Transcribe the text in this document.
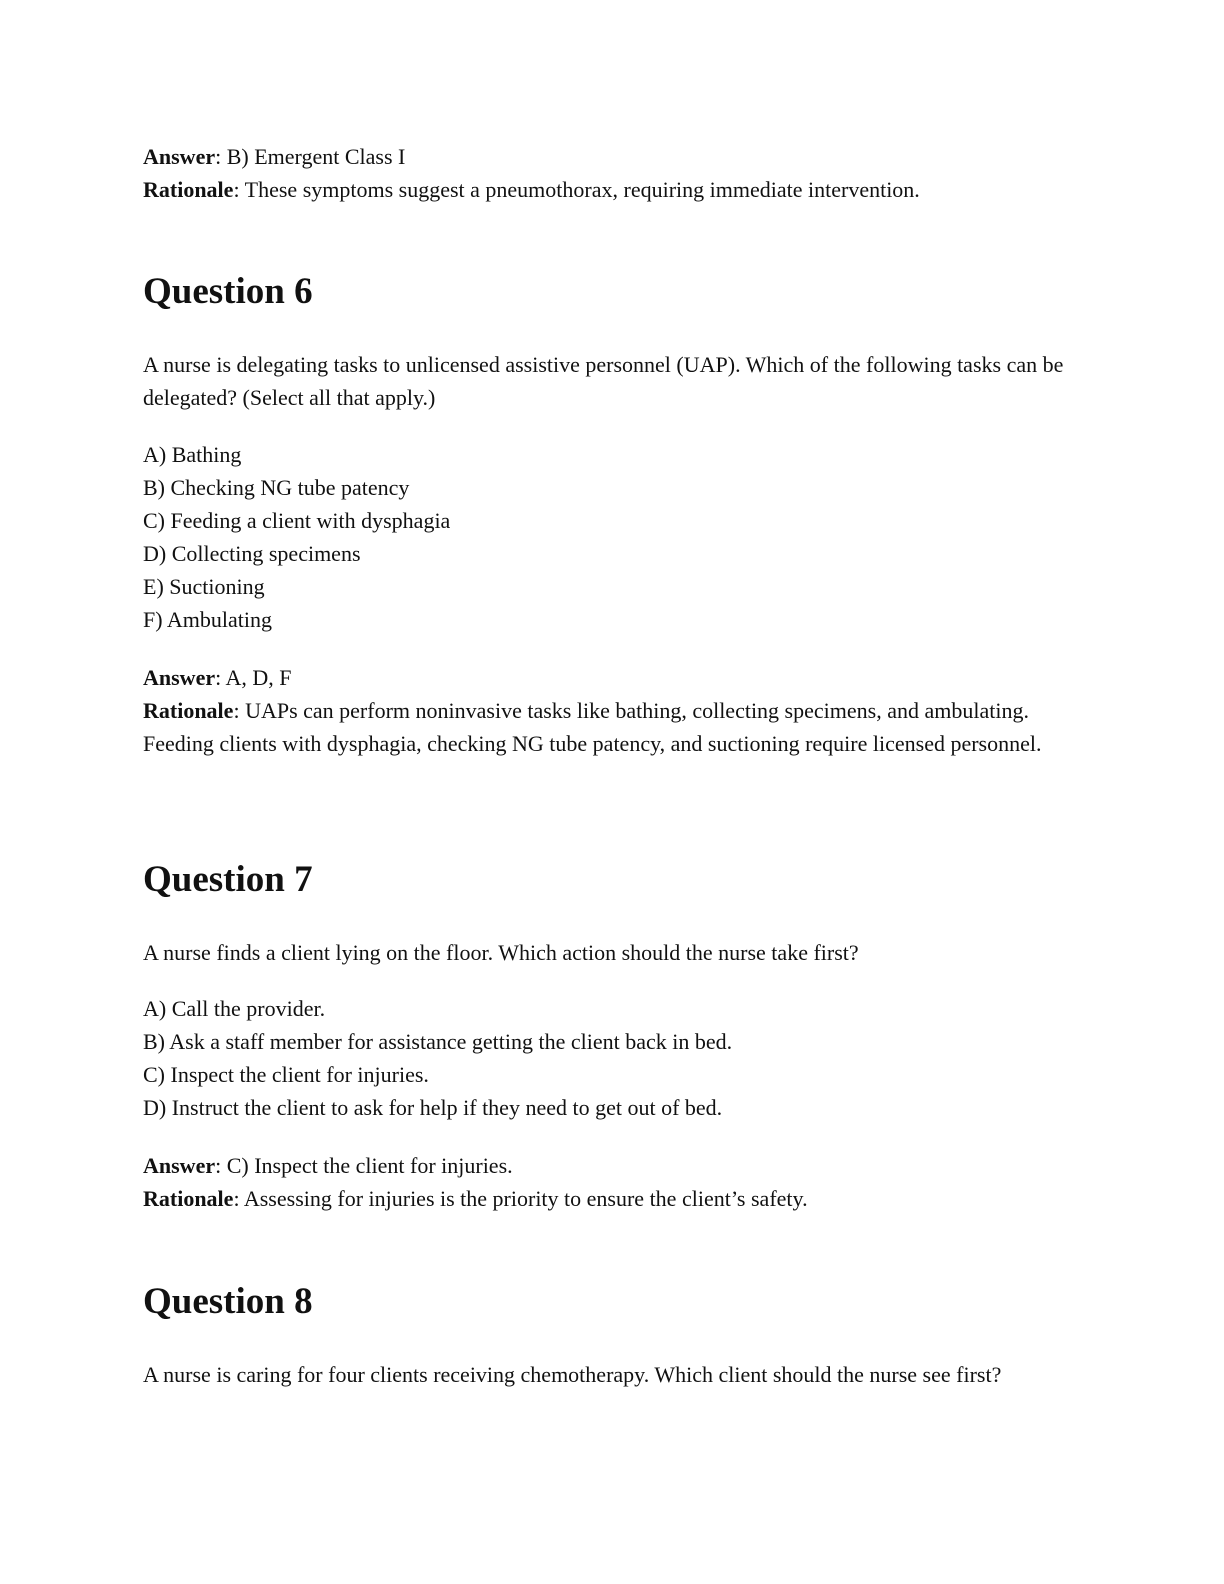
Answer: B) Emergent Class I
Rationale: These symptoms suggest a pneumothorax, requiring immediate intervention.
Question 6
A nurse is delegating tasks to unlicensed assistive personnel (UAP). Which of the following tasks can be delegated? (Select all that apply.)
A) Bathing
B) Checking NG tube patency
C) Feeding a client with dysphagia
D) Collecting specimens
E) Suctioning
F) Ambulating
Answer: A, D, F
Rationale: UAPs can perform noninvasive tasks like bathing, collecting specimens, and ambulating. Feeding clients with dysphagia, checking NG tube patency, and suctioning require licensed personnel.
Question 7
A nurse finds a client lying on the floor. Which action should the nurse take first?
A) Call the provider.
B) Ask a staff member for assistance getting the client back in bed.
C) Inspect the client for injuries.
D) Instruct the client to ask for help if they need to get out of bed.
Answer: C) Inspect the client for injuries.
Rationale: Assessing for injuries is the priority to ensure the client’s safety.
Question 8
A nurse is caring for four clients receiving chemotherapy. Which client should the nurse see first?
